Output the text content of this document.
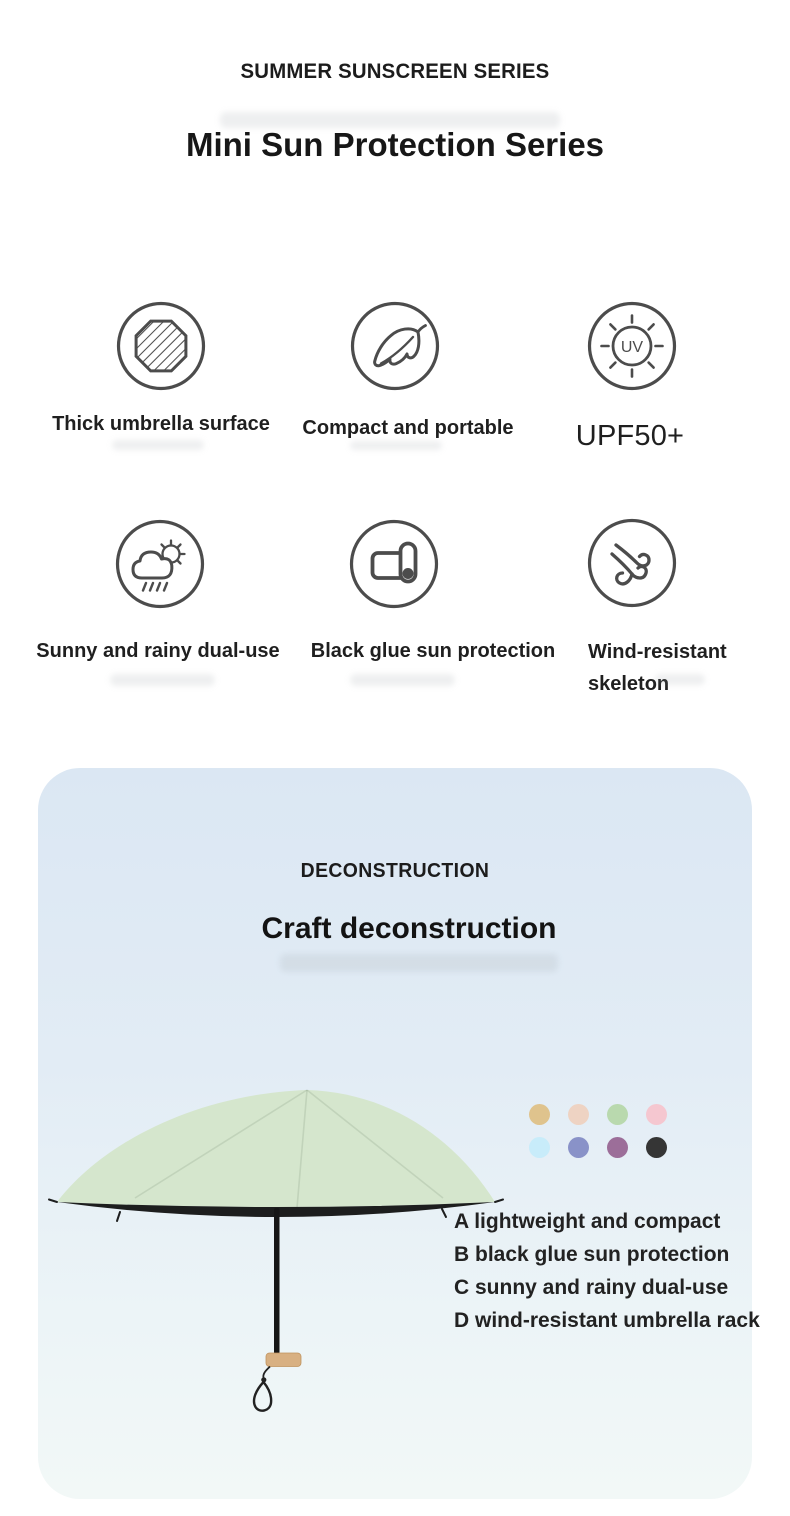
SUMMER SUNSCREEN SERIES
Mini Sun Protection Series
UV
Thick umbrella surface	Compact and portable	UPF50+
Sunny and rainy dual-use	Black glue sun protection	Wind-resistant skeleton
DECONSTRUCTION
Craft deconstruction
A lightweight and compact
B black glue sun protection
C sunny and rainy dual-use
D wind-resistant umbrella rack
